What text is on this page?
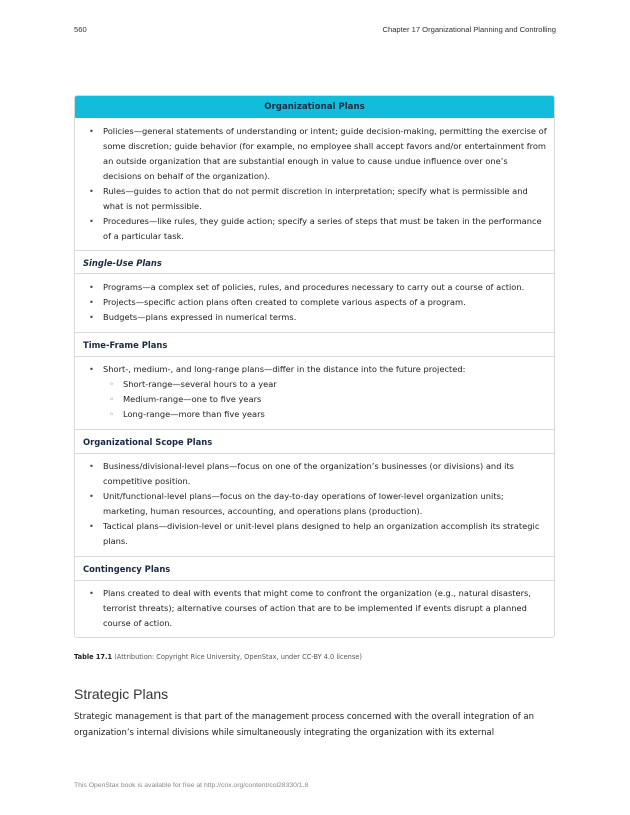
560	Chapter 17 Organizational Planning and Controlling
Organizational Plans
• Policies—general statements of understanding or intent; guide decision-making, permitting the exercise of some discretion; guide behavior (for example, no employee shall accept favors and/or entertainment from an outside organization that are substantial enough in value to cause undue influence over one’s decisions on behalf of the organization).
• Rules—guides to action that do not permit discretion in interpretation; specify what is permissible and what is not permissible.
• Procedures—like rules, they guide action; specify a series of steps that must be taken in the performance of a particular task.
Single-Use Plans
• Programs—a complex set of policies, rules, and procedures necessary to carry out a course of action.
• Projects—specific action plans often created to complete various aspects of a program.
• Budgets—plans expressed in numerical terms.
Time-Frame Plans
• Short-, medium-, and long-range plans—differ in the distance into the future projected:
◦ Short-range—several hours to a year
◦ Medium-range—one to five years
◦ Long-range—more than five years
Organizational Scope Plans
• Business/divisional-level plans—focus on one of the organization’s businesses (or divisions) and its competitive position.
• Unit/functional-level plans—focus on the day-to-day operations of lower-level organization units; marketing, human resources, accounting, and operations plans (production).
• Tactical plans—division-level or unit-level plans designed to help an organization accomplish its strategic plans.
Contingency Plans
• Plans created to deal with events that might come to confront the organization (e.g., natural disasters, terrorist threats); alternative courses of action that are to be implemented if events disrupt a planned course of action.
Table 17.1 (Attribution: Copyright Rice University, OpenStax, under CC-BY 4.0 license)
Strategic Plans
Strategic management is that part of the management process concerned with the overall integration of an organization’s internal divisions while simultaneously integrating the organization with its external
This OpenStax book is available for free at http://cnx.org/content/col28330/1.8
